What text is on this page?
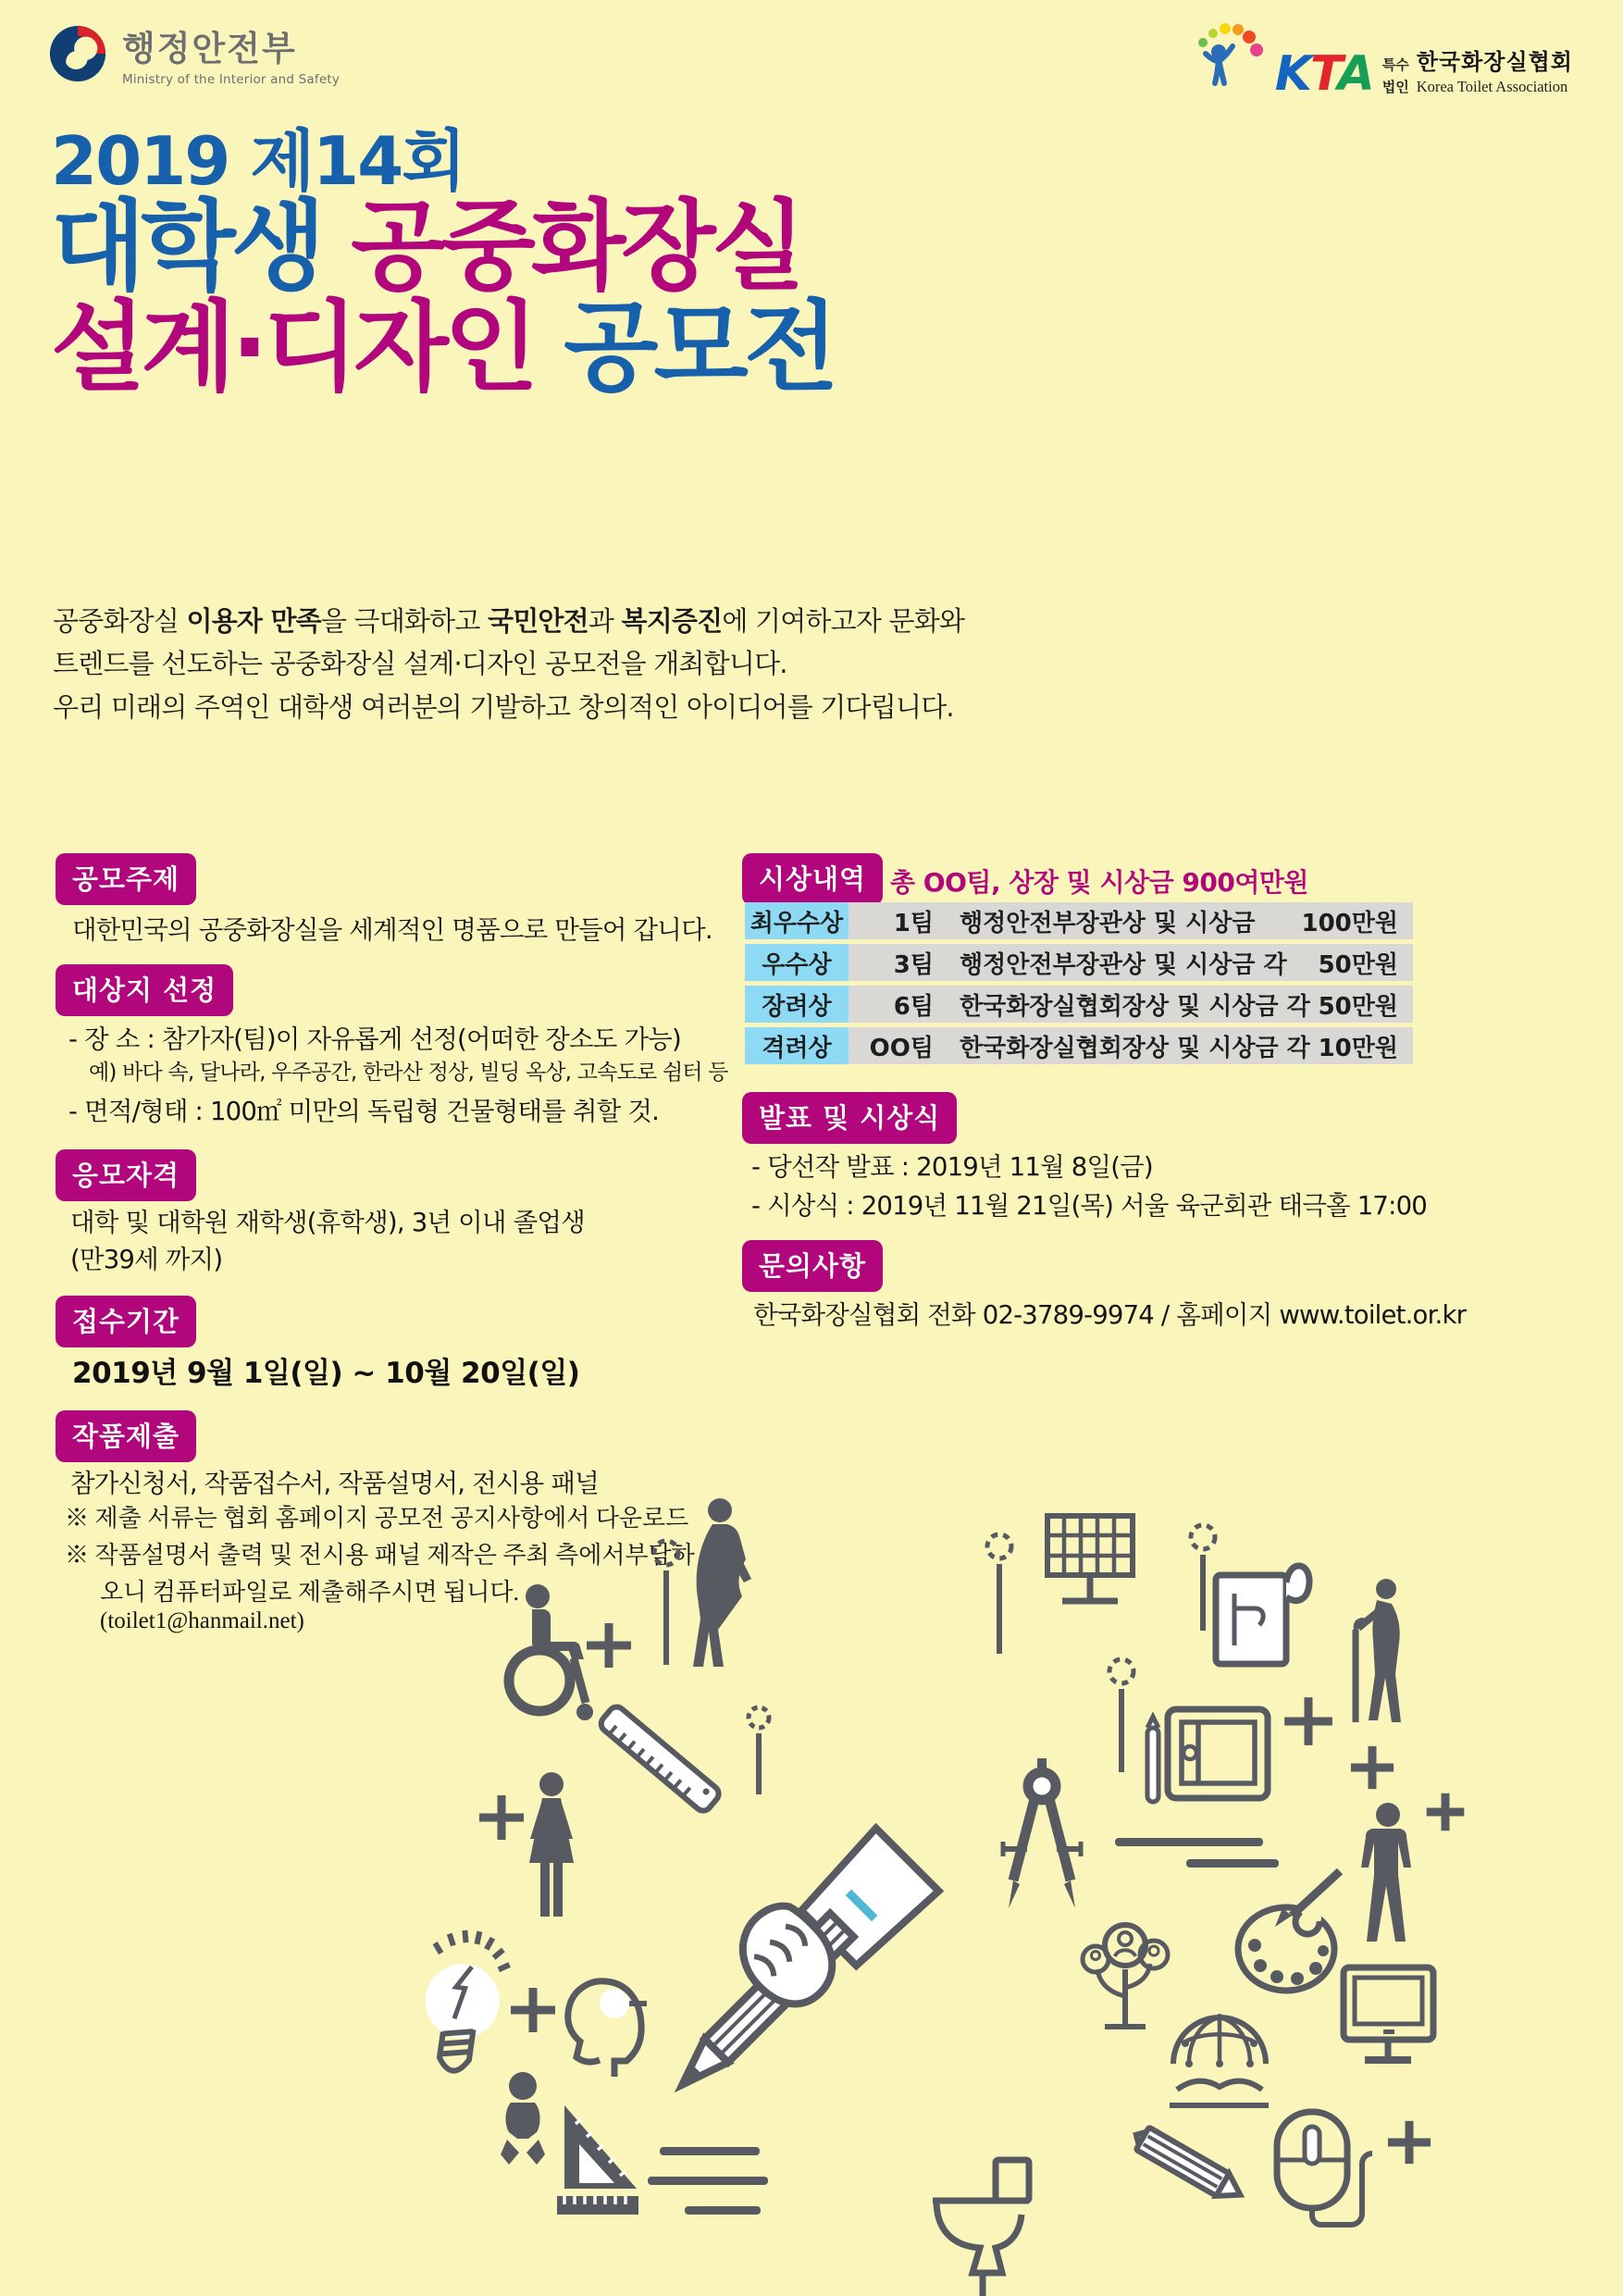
행정안전부
Ministry of the Interior and Safety	KTA 특수 한국화장실협회
법인 Korea Toilet Association
2019 제14회
대학생 공중화장실
설계·디자인 공모전
공중화장실 이용자 만족을 극대화하고 국민안전과 복지증진에 기여하고자 문화와
트렌드를 선도하는 공중화장실 설계·디자인 공모전을 개최합니다.
우리 미래의 주역인 대학생 여러분의 기발하고 창의적인 아이디어를 기다립니다.
공모주제
대한민국의 공중화장실을 세계적인 명품으로 만들어 갑니다.
대상지 선정
- 장 소 : 참가자(팀)이 자유롭게 선정(어떠한 장소도 가능)
예) 바다 속, 달나라, 우주공간, 한라산 정상, 빌딩 옥상, 고속도로 쉼터 등
- 면적/형태 : 100㎡ 미만의 독립형 건물형태를 취할 것.
응모자격
대학 및 대학원 재학생(휴학생), 3년 이내 졸업생
(만39세 까지)
접수기간
2019년 9월 1일(일) ~ 10월 20일(일)
작품제출
참가신청서, 작품접수서, 작품설명서, 전시용 패널
※ 제출 서류는 협회 홈페이지 공모전 공지사항에서 다운로드
※ 작품설명서 출력 및 전시용 패널 제작은 주최 측에서부담하
오니 컴퓨터파일로 제출해주시면 됩니다.
(toilet1@hanmail.net)
시상내역 총 OO팀, 상장 및 시상금 900여만원
최우수상	1팀 행정안전부장관상 및 시상금 100만원
우수상	3팀 행정안전부장관상 및 시상금 각 50만원
장려상	6팀 한국화장실협회장상 및 시상금 각 50만원
격려상	OO팀 한국화장실협회장상 및 시상금 각 10만원
발표 및 시상식
- 당선작 발표 : 2019년 11월 8일(금)
- 시상식 : 2019년 11월 21일(목) 서울 육군회관 태극홀 17:00
문의사항
한국화장실협회 전화 02-3789-9974 / 홈페이지 www.toilet.or.kr
